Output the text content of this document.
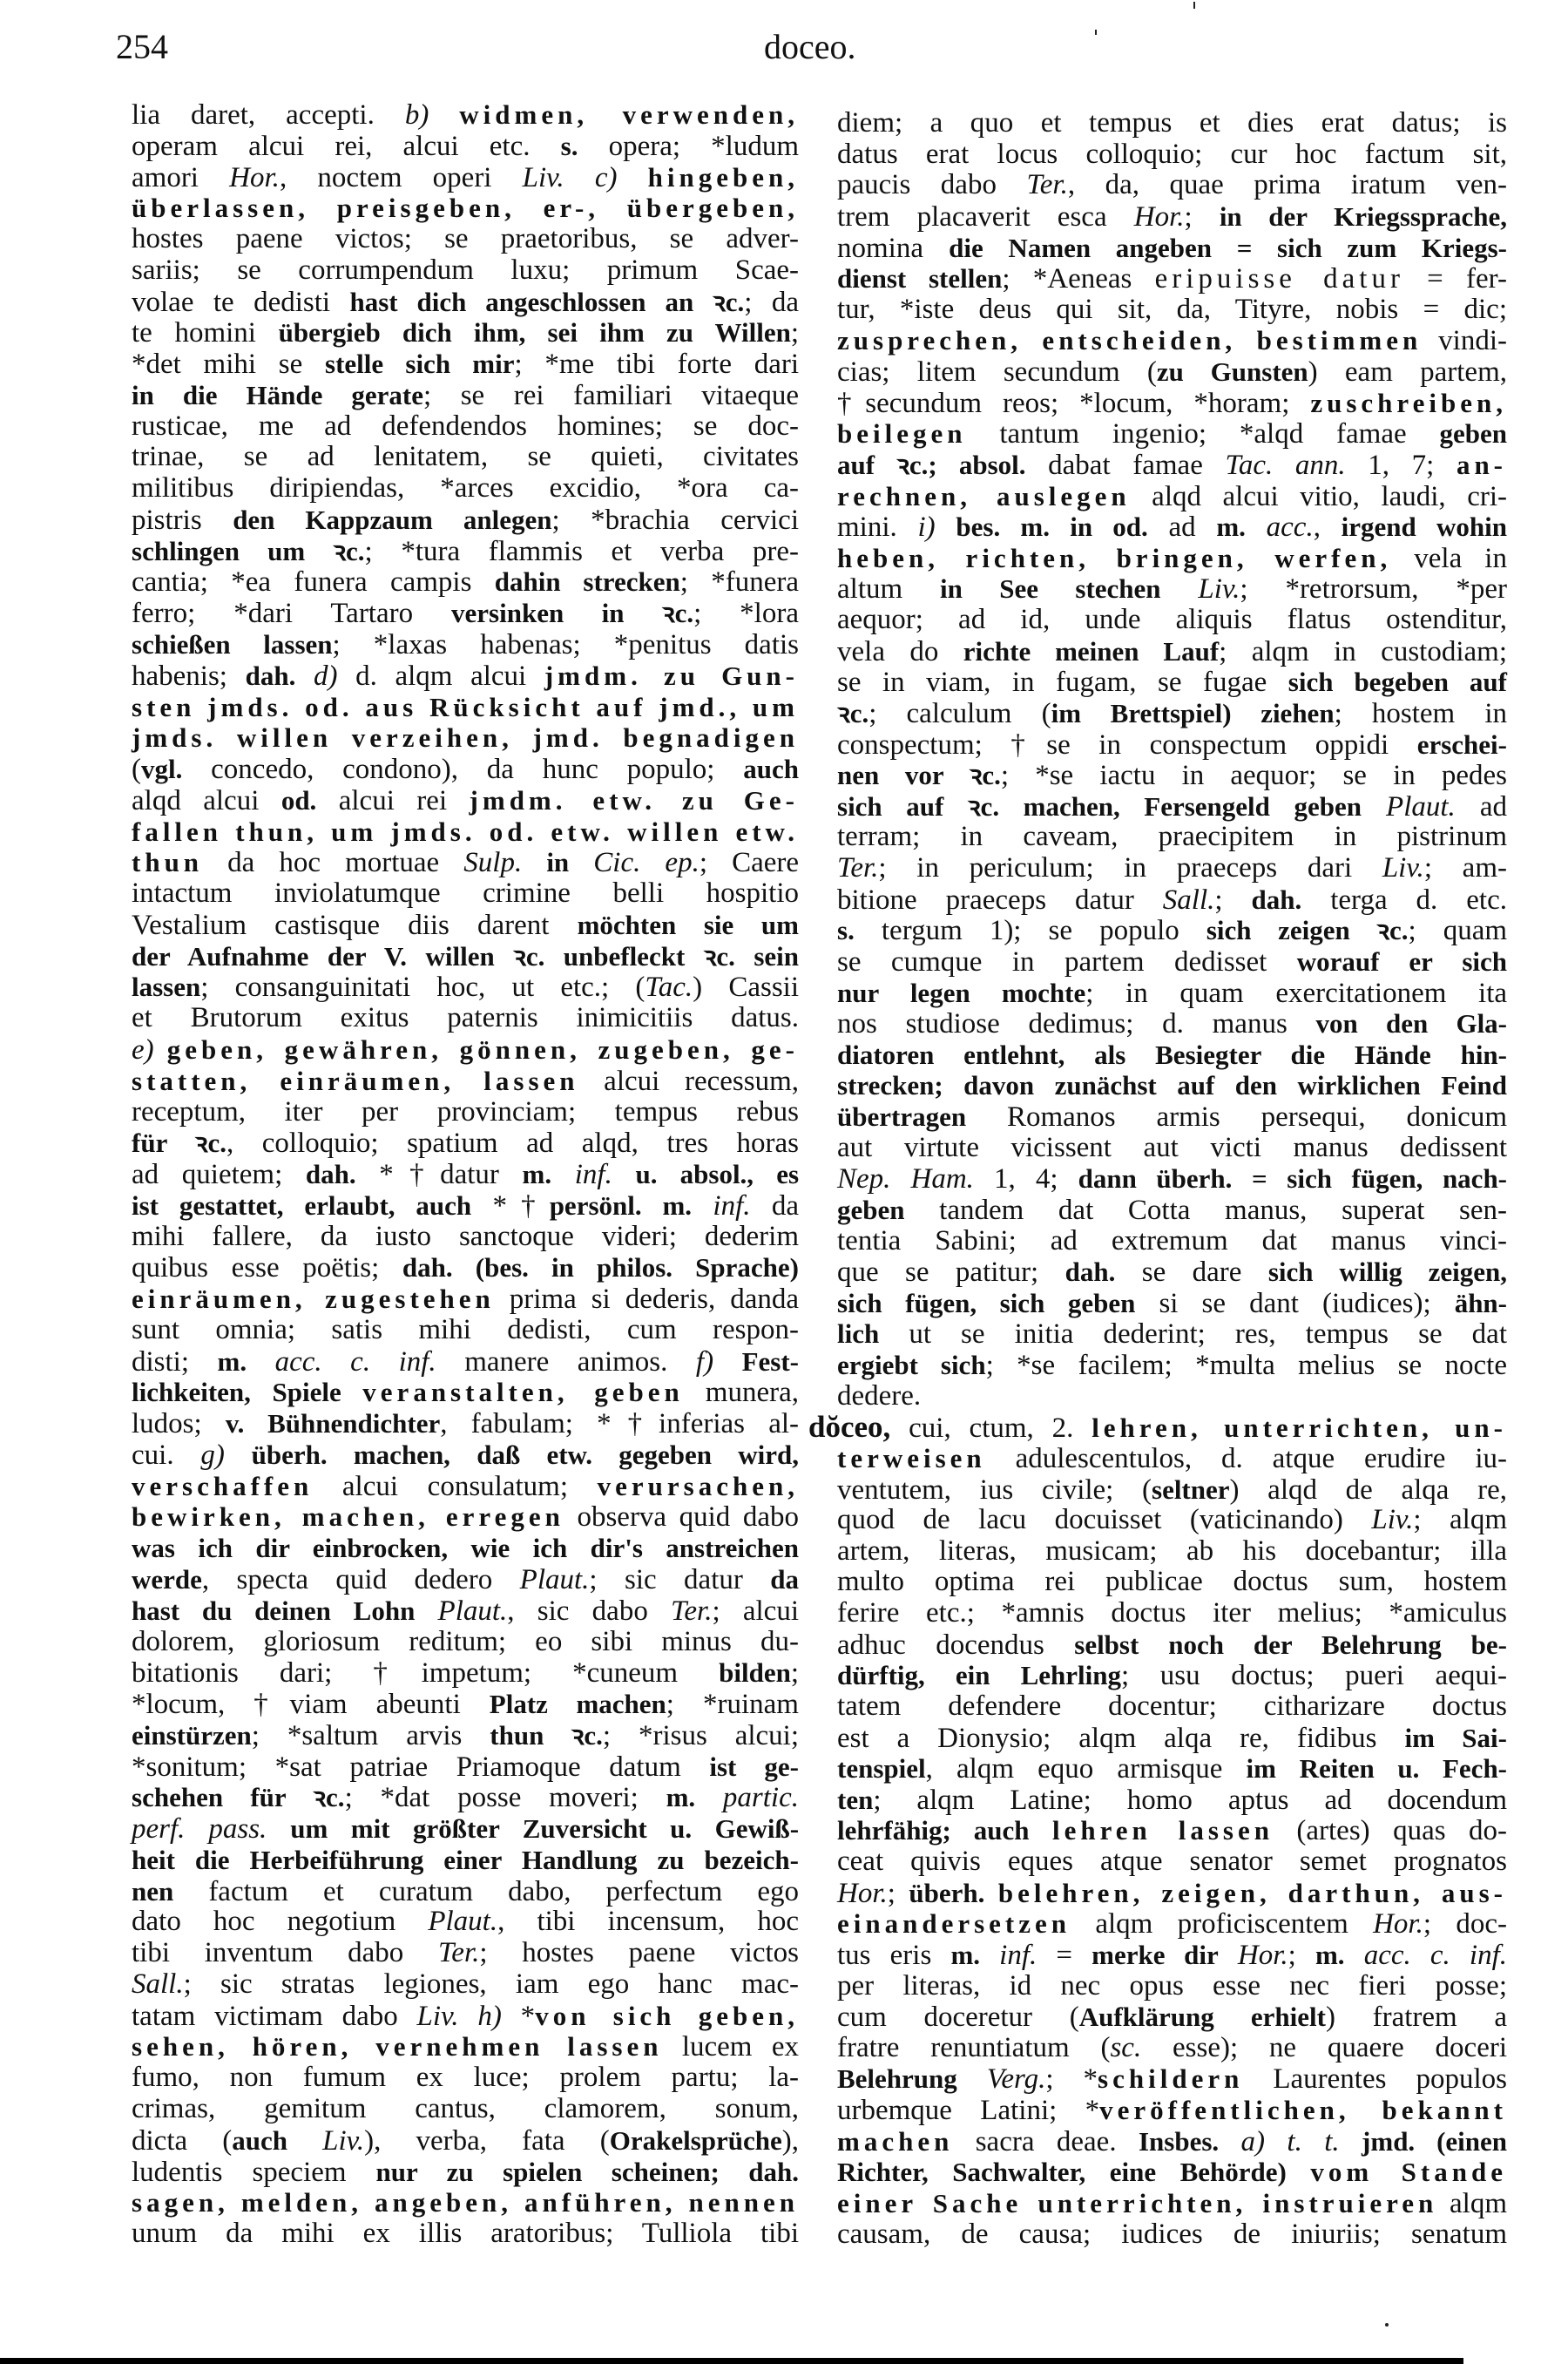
254	doceo.
lia daret, accepti. b) widmen, verwenden,
operam alcui rei, alcui etc. s. opera; *ludum
amori Hor., noctem operi Liv. c) hingeben,
überlassen, preisgeben, er-, übergeben,
hostes paene victos; se praetoribus, se adver-
sariis; se corrumpendum luxu; primum Scae-
volae te dedisti hast dich angeschlossen an ꝛc.; da
te homini übergieb dich ihm, sei ihm zu Willen;
*det mihi se stelle sich mir; *me tibi forte dari
in die Hände gerate; se rei familiari vitaeque
rusticae, me ad defendendos homines; se doc-
trinae, se ad lenitatem, se quieti, civitates
militibus diripiendas, *arces excidio, *ora ca-
pistris den Kappzaum anlegen; *brachia cervici
schlingen um ꝛc.; *tura flammis et verba pre-
cantia; *ea funera campis dahin strecken; *funera
ferro; *dari Tartaro versinken in ꝛc.; *lora
schießen lassen; *laxas habenas; *penitus datis
habenis; dah. d) d. alqm alcui jmdm. zu Gun-
sten jmds. od. aus Rücksicht auf jmd., um
jmds. willen verzeihen, jmd. begnadigen
(vgl. concedo, condono), da hunc populo; auch
alqd alcui od. alcui rei jmdm. etw. zu Ge-
fallen thun, um jmds. od. etw. willen etw.
thun da hoc mortuae Sulp. in Cic. ep.; Caere
intactum inviolatumque crimine belli hospitio
Vestalium castisque diis darent möchten sie um
der Aufnahme der V. willen ꝛc. unbefleckt ꝛc. sein
lassen; consanguinitati hoc, ut etc.; (Tac.) Cassii
et Brutorum exitus paternis inimicitiis datus.
e) geben, gewähren, gönnen, zugeben, ge-
statten, einräumen, lassen alcui recessum,
receptum, iter per provinciam; tempus rebus
für ꝛc., colloquio; spatium ad alqd, tres horas
ad quietem; dah. *†datur m. inf. u. absol., es
ist gestattet, erlaubt, auch *†persönl. m. inf. da
mihi fallere, da iusto sanctoque videri; dederim
quibus esse poëtis; dah. (bes. in philos. Sprache)
einräumen, zugestehen prima si dederis, danda
sunt omnia; satis mihi dedisti, cum respon-
disti; m. acc. c. inf. manere animos. f) Fest-
lichkeiten, Spiele veranstalten, geben munera,
ludos; v. Bühnendichter, fabulam; *†inferias al-
cui. g) überh. machen, daß etw. gegeben wird,
verschaffen alcui consulatum; verursachen,
bewirken, machen, erregen observa quid dabo
was ich dir einbrocken, wie ich dir's anstreichen
werde, specta quid dedero Plaut.; sic datur da
hast du deinen Lohn Plaut., sic dabo Ter.; alcui
dolorem, gloriosum reditum; eo sibi minus du-
bitationis dari; †impetum; *cuneum bilden;
*locum, †viam abeunti Platz machen; *ruinam
einstürzen; *saltum arvis thun ꝛc.; *risus alcui;
*sonitum; *sat patriae Priamoque datum ist ge-
schehen für ꝛc.; *dat posse moveri; m. partic.
perf. pass. um mit größter Zuversicht u. Gewiß-
heit die Herbeiführung einer Handlung zu bezeich-
nen factum et curatum dabo, perfectum ego
dato hoc negotium Plaut., tibi incensum, hoc
tibi inventum dabo Ter.; hostes paene victos
Sall.; sic stratas legiones, iam ego hanc mac-
tatam victimam dabo Liv. h) *von sich geben,
sehen, hören, vernehmen lassen lucem ex
fumo, non fumum ex luce; prolem partu; la-
crimas, gemitum cantus, clamorem, sonum,
dicta (auch Liv.), verba, fata (Orakelsprüche),
ludentis speciem nur zu spielen scheinen; dah.
sagen, melden, angeben, anführen, nennen
unum da mihi ex illis aratoribus; Tulliola tibi
diem; a quo et tempus et dies erat datus; is
datus erat locus colloquio; cur hoc factum sit,
paucis dabo Ter., da, quae prima iratum ven-
trem placaverit esca Hor.; in der Kriegssprache,
nomina die Namen angeben = sich zum Kriegs-
dienst stellen; *Aeneas eripuisse datur = fer-
tur, *iste deus qui sit, da, Tityre, nobis = dic;
zusprechen, entscheiden, bestimmen vindi-
cias; litem secundum (zu Gunsten) eam partem,
†secundum reos; *locum, *horam; zuschreiben,
beilegen tantum ingenio; *alqd famae geben
auf ꝛc.; absol. dabat famae Tac. ann. 1, 7; an-
rechnen, auslegen alqd alcui vitio, laudi, cri-
mini. i) bes. m. in od. ad m. acc., irgend wohin
heben, richten, bringen, werfen, vela in
altum in See stechen Liv.; *retrorsum, *per
aequor; ad id, unde aliquis flatus ostenditur,
vela do richte meinen Lauf; alqm in custodiam;
se in viam, in fugam, se fugae sich begeben auf
ꝛc.; calculum (im Brettspiel) ziehen; hostem in
conspectum; †se in conspectum oppidi erschei-
nen vor ꝛc.; *se iactu in aequor; se in pedes
sich auf ꝛc. machen, Fersengeld geben Plaut. ad
terram; in caveam, praecipitem in pistrinum
Ter.; in periculum; in praeceps dari Liv.; am-
bitione praeceps datur Sall.; dah. terga d. etc.
s. tergum 1); se populo sich zeigen ꝛc.; quam
se cumque in partem dedisset worauf er sich
nur legen mochte; in quam exercitationem ita
nos studiose dedimus; d. manus von den Gla-
diatoren entlehnt, als Besiegter die Hände hin-
strecken; davon zunächst auf den wirklichen Feind
übertragen Romanos armis persequi, donicum
aut virtute vicissent aut victi manus dedissent
Nep. Ham. 1, 4; dann überh. = sich fügen, nach-
geben tandem dat Cotta manus, superat sen-
tentia Sabini; ad extremum dat manus vinci-
que se patitur; dah. se dare sich willig zeigen,
sich fügen, sich geben si se dant (iudices); ähn-
lich ut se initia dederint; res, tempus se dat
ergiebt sich; *se facilem; *multa melius se nocte
dedere.
dŏceo, cui, ctum, 2. lehren, unterrichten, un-
terweisen adulescentulos, d. atque erudire iu-
ventutem, ius civile; (seltner) alqd de alqa re,
quod de lacu docuisset (vaticinando) Liv.; alqm
artem, literas, musicam; ab his docebantur; illa
multo optima rei publicae doctus sum, hostem
ferire etc.; *amnis doctus iter melius; *amiculus
adhuc docendus selbst noch der Belehrung be-
dürftig, ein Lehrling; usu doctus; pueri aequi-
tatem defendere docentur; citharizare doctus
est a Dionysio; alqm alqa re, fidibus im Sai-
tenspiel, alqm equo armisque im Reiten u. Fech-
ten; alqm Latine; homo aptus ad docendum
lehrfähig; auch lehren lassen (artes) quas do-
ceat quivis eques atque senator semet prognatos
Hor.; überh. belehren, zeigen, darthun, aus-
einandersetzen alqm proficiscentem Hor.; doc-
tus eris m. inf. = merke dir Hor.; m. acc. c. inf.
per literas, id nec opus esse nec fieri posse;
cum doceretur (Aufklärung erhielt) fratrem a
fratre renuntiatum (sc. esse); ne quaere doceri
Belehrung Verg.; *schildern Laurentes populos
urbemque Latini; *veröffentlichen, bekannt
machen sacra deae. Insbes. a) t. t. jmd. (einen
Richter, Sachwalter, eine Behörde) vom Stande
einer Sache unterrichten, instruieren alqm
causam, de causa; iudices de iniuriis; senatum
